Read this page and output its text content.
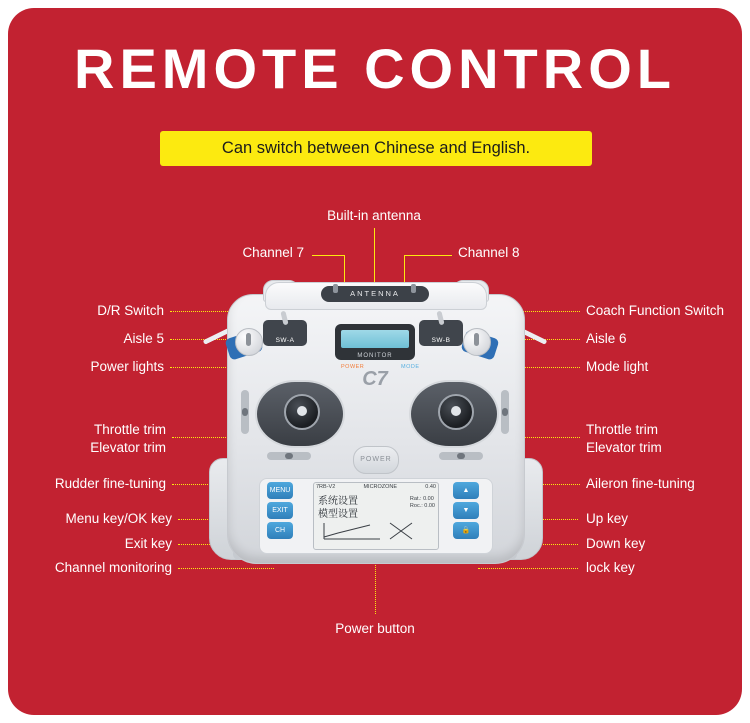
REMOTE CONTROL
Can switch between Chinese and English.
Built-in antenna
Channel 7	Channel 8
D/R Switch
Aisle 5
Power lights
Coach Function Switch
Aisle 6
Mode light
Throttle trim
Elevator trim
Throttle trim
Elevator trim
Rudder fine-tuning	Aileron fine-tuning
Menu key/OK key
Exit key
Channel monitoring
Up key
Down key
lock key
Power button
ANTENNA
SW-A	SW-B
MONITOR
POWER	MODE
C7
POWER
MENU
EXIT
CH
▲
▼
🔒
7RB-V2	MICROZONE	0.40
系统设置
模型设置
Rat.: 0.00
Roc.: 0.00
